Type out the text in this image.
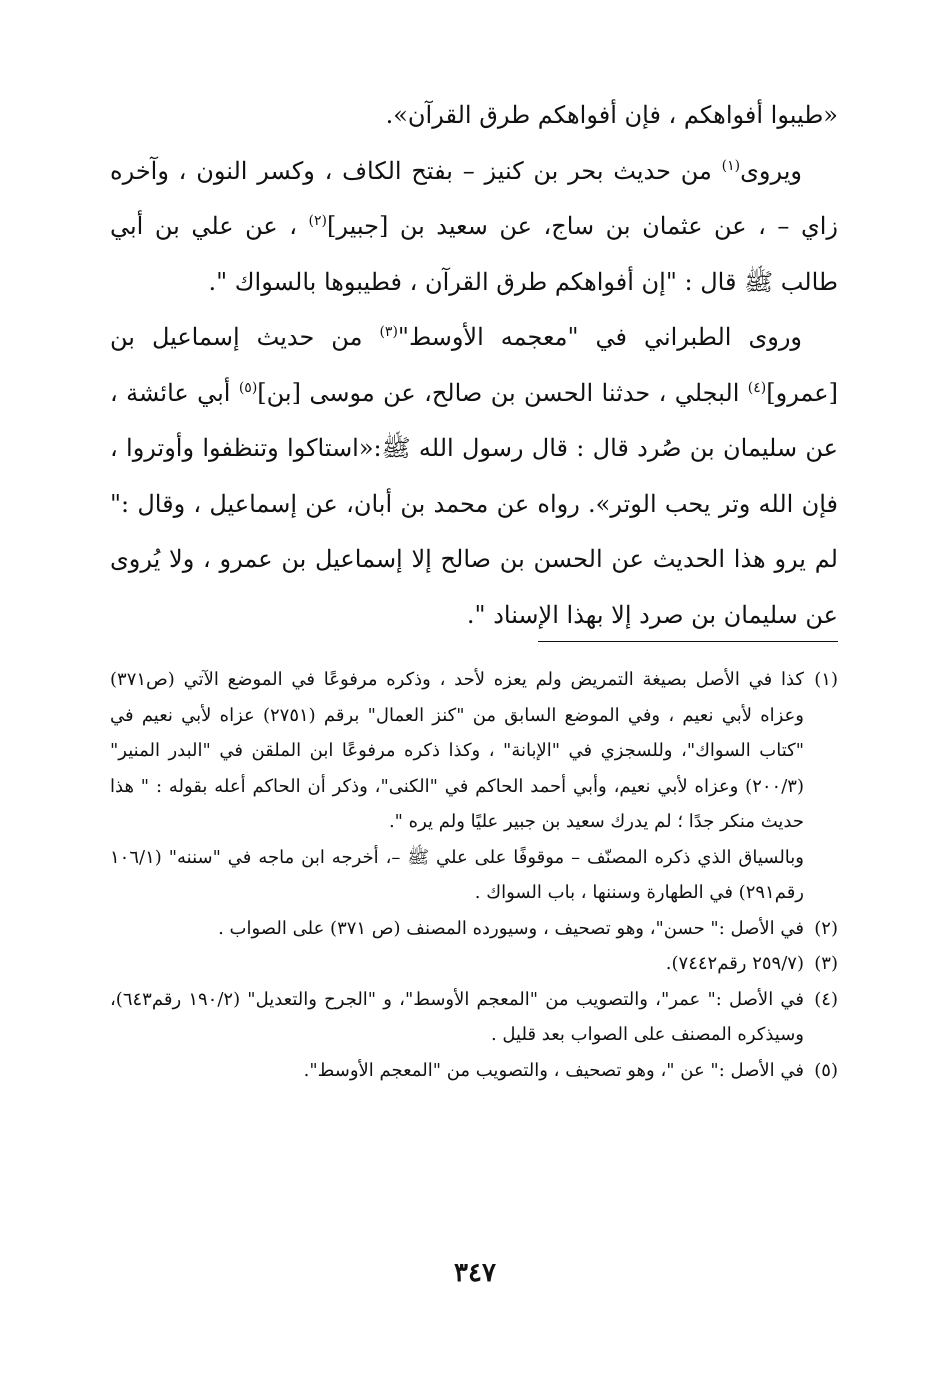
«طيبوا أفواهكم ، فإن أفواهكم طرق القرآن».

ويروى$^{(١)}$ من حديث بحر بن كنيز – بفتح الكاف ، وكسر النون ، وآخره زاي – ، عن عثمان بن ساج، عن سعيد بن [جبير]$^{(٢)}$ ، عن علي بن أبي طالب ﷺ قال : "إن أفواهكم طرق القرآن ، فطيبوها بالسواك ".

وروى الطبراني في "معجمه الأوسط"$^{(٣)}$ من حديث إسماعيل بن [عمرو]$^{(٤)}$ البجلي ، حدثنا الحسن بن صالح، عن موسى [بن]$^{(٥)}$ أبي عائشة ، عن سليمان بن صُرد قال : قال رسول الله ﷺ:«استاكوا وتنظفوا وأوتروا ، فإن الله وتر يحب الوتر». رواه عن محمد بن أبان، عن إسماعيل ، وقال :" لم يرو هذا الحديث عن الحسن بن صالح إلا إسماعيل بن عمرو ، ولا يُروى عن سليمان بن صرد إلا بهذا الإسناد ".

(١)كذا في الأصل بصيغة التمريض ولم يعزه لأحد ، وذكره مرفوعًا في الموضع الآتي (ص٣٧١) وعزاه لأبي نعيم ، وفي الموضع السابق من "كنز العمال" برقم (٢٧٥١) عزاه لأبي نعيم في "كتاب السواك"، وللسجزي في "الإبانة" ، وكذا ذكره مرفوعًا ابن الملقن في "البدر المنير" (٢٠٠/٣) وعزاه لأبي نعيم، وأبي أحمد الحاكم في "الكنى"، وذكر أن الحاكم أعله بقوله : " هذا حديث منكر جدًا ؛ لم يدرك سعيد بن جبير عليًا ولم يره ".

وبالسياق الذي ذكره المصنّف – موقوفًا على علي ﷺ –، أخرجه ابن ماجه في "سننه" (١٠٦/١ رقم٢٩١) في الطهارة وسننها ، باب السواك .

(٢)في الأصل :" حسن"، وهو تصحيف ، وسيورده المصنف (ص ٣٧١) على الصواب .

(٣)(٢٥٩/٧ رقم٧٤٤٢).

(٤)في الأصل :" عمر"، والتصويب من "المعجم الأوسط"، و "الجرح والتعديل" (١٩٠/٢ رقم٦٤٣)، وسيذكره المصنف على الصواب بعد قليل .

(٥)في الأصل :" عن "، وهو تصحيف ، والتصويب من "المعجم الأوسط".

٣٤٧
